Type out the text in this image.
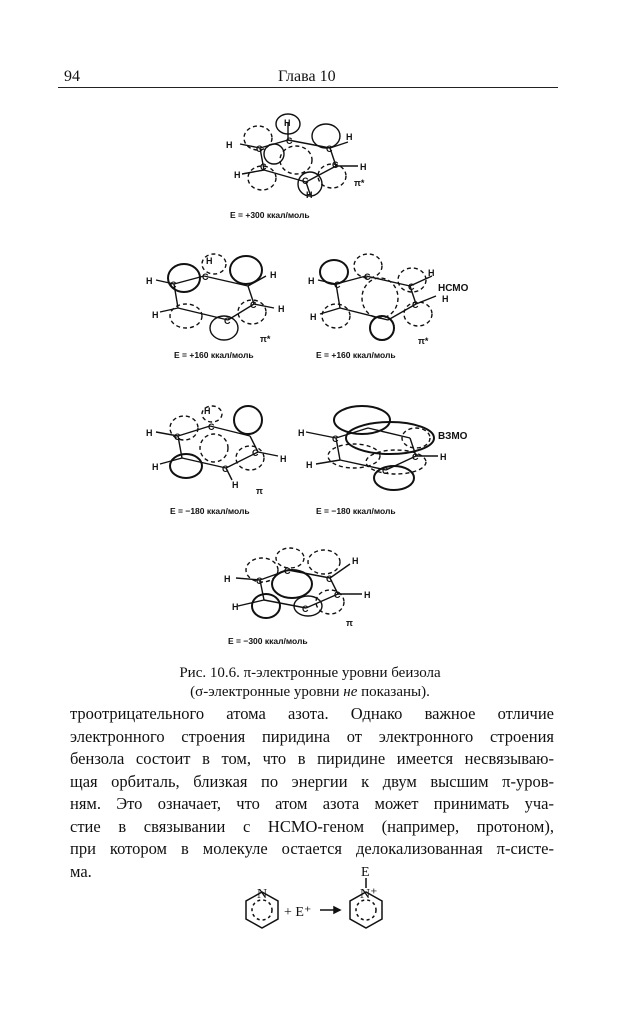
94	Глава 10
H
H
H
H
H
H
C
C
C
C
C
C	π*
E = +300 ккал/моль
H
H
H
H
H
C
C
C
C
π*
E = +160 ккал/моль
H
H
H
H
C
C
C
C
π*
НСМО
E = +160 ккал/моль
H
H
H
H
H
C
C
C
C
π
E = −180 ккал/моль
H
H
H
C
C
C
ВЗМО
E = −180 ккал/моль
H
H
H
H
C
C
C
C
C
π
E = −300 ккал/моль
Рис. 10.6. π-электронные уровни беизола
(σ-электронные уровни не показаны).
троотрицательного атома азота. Однако важное отличие
электронного строения пиридина от электронного строения
бензола состоит в том, что в пиридине имеется несвязываю-
щая орбиталь, близкая по энергии к двум высшим π-уров-
ням. Это означает, что атом азота может принимать уча-
стие в связывании с НСМО-геном (например, протоном),
при котором в молекуле остается делокализованная π-систе-
ма.
N
+ E⁺
E
N⁺
